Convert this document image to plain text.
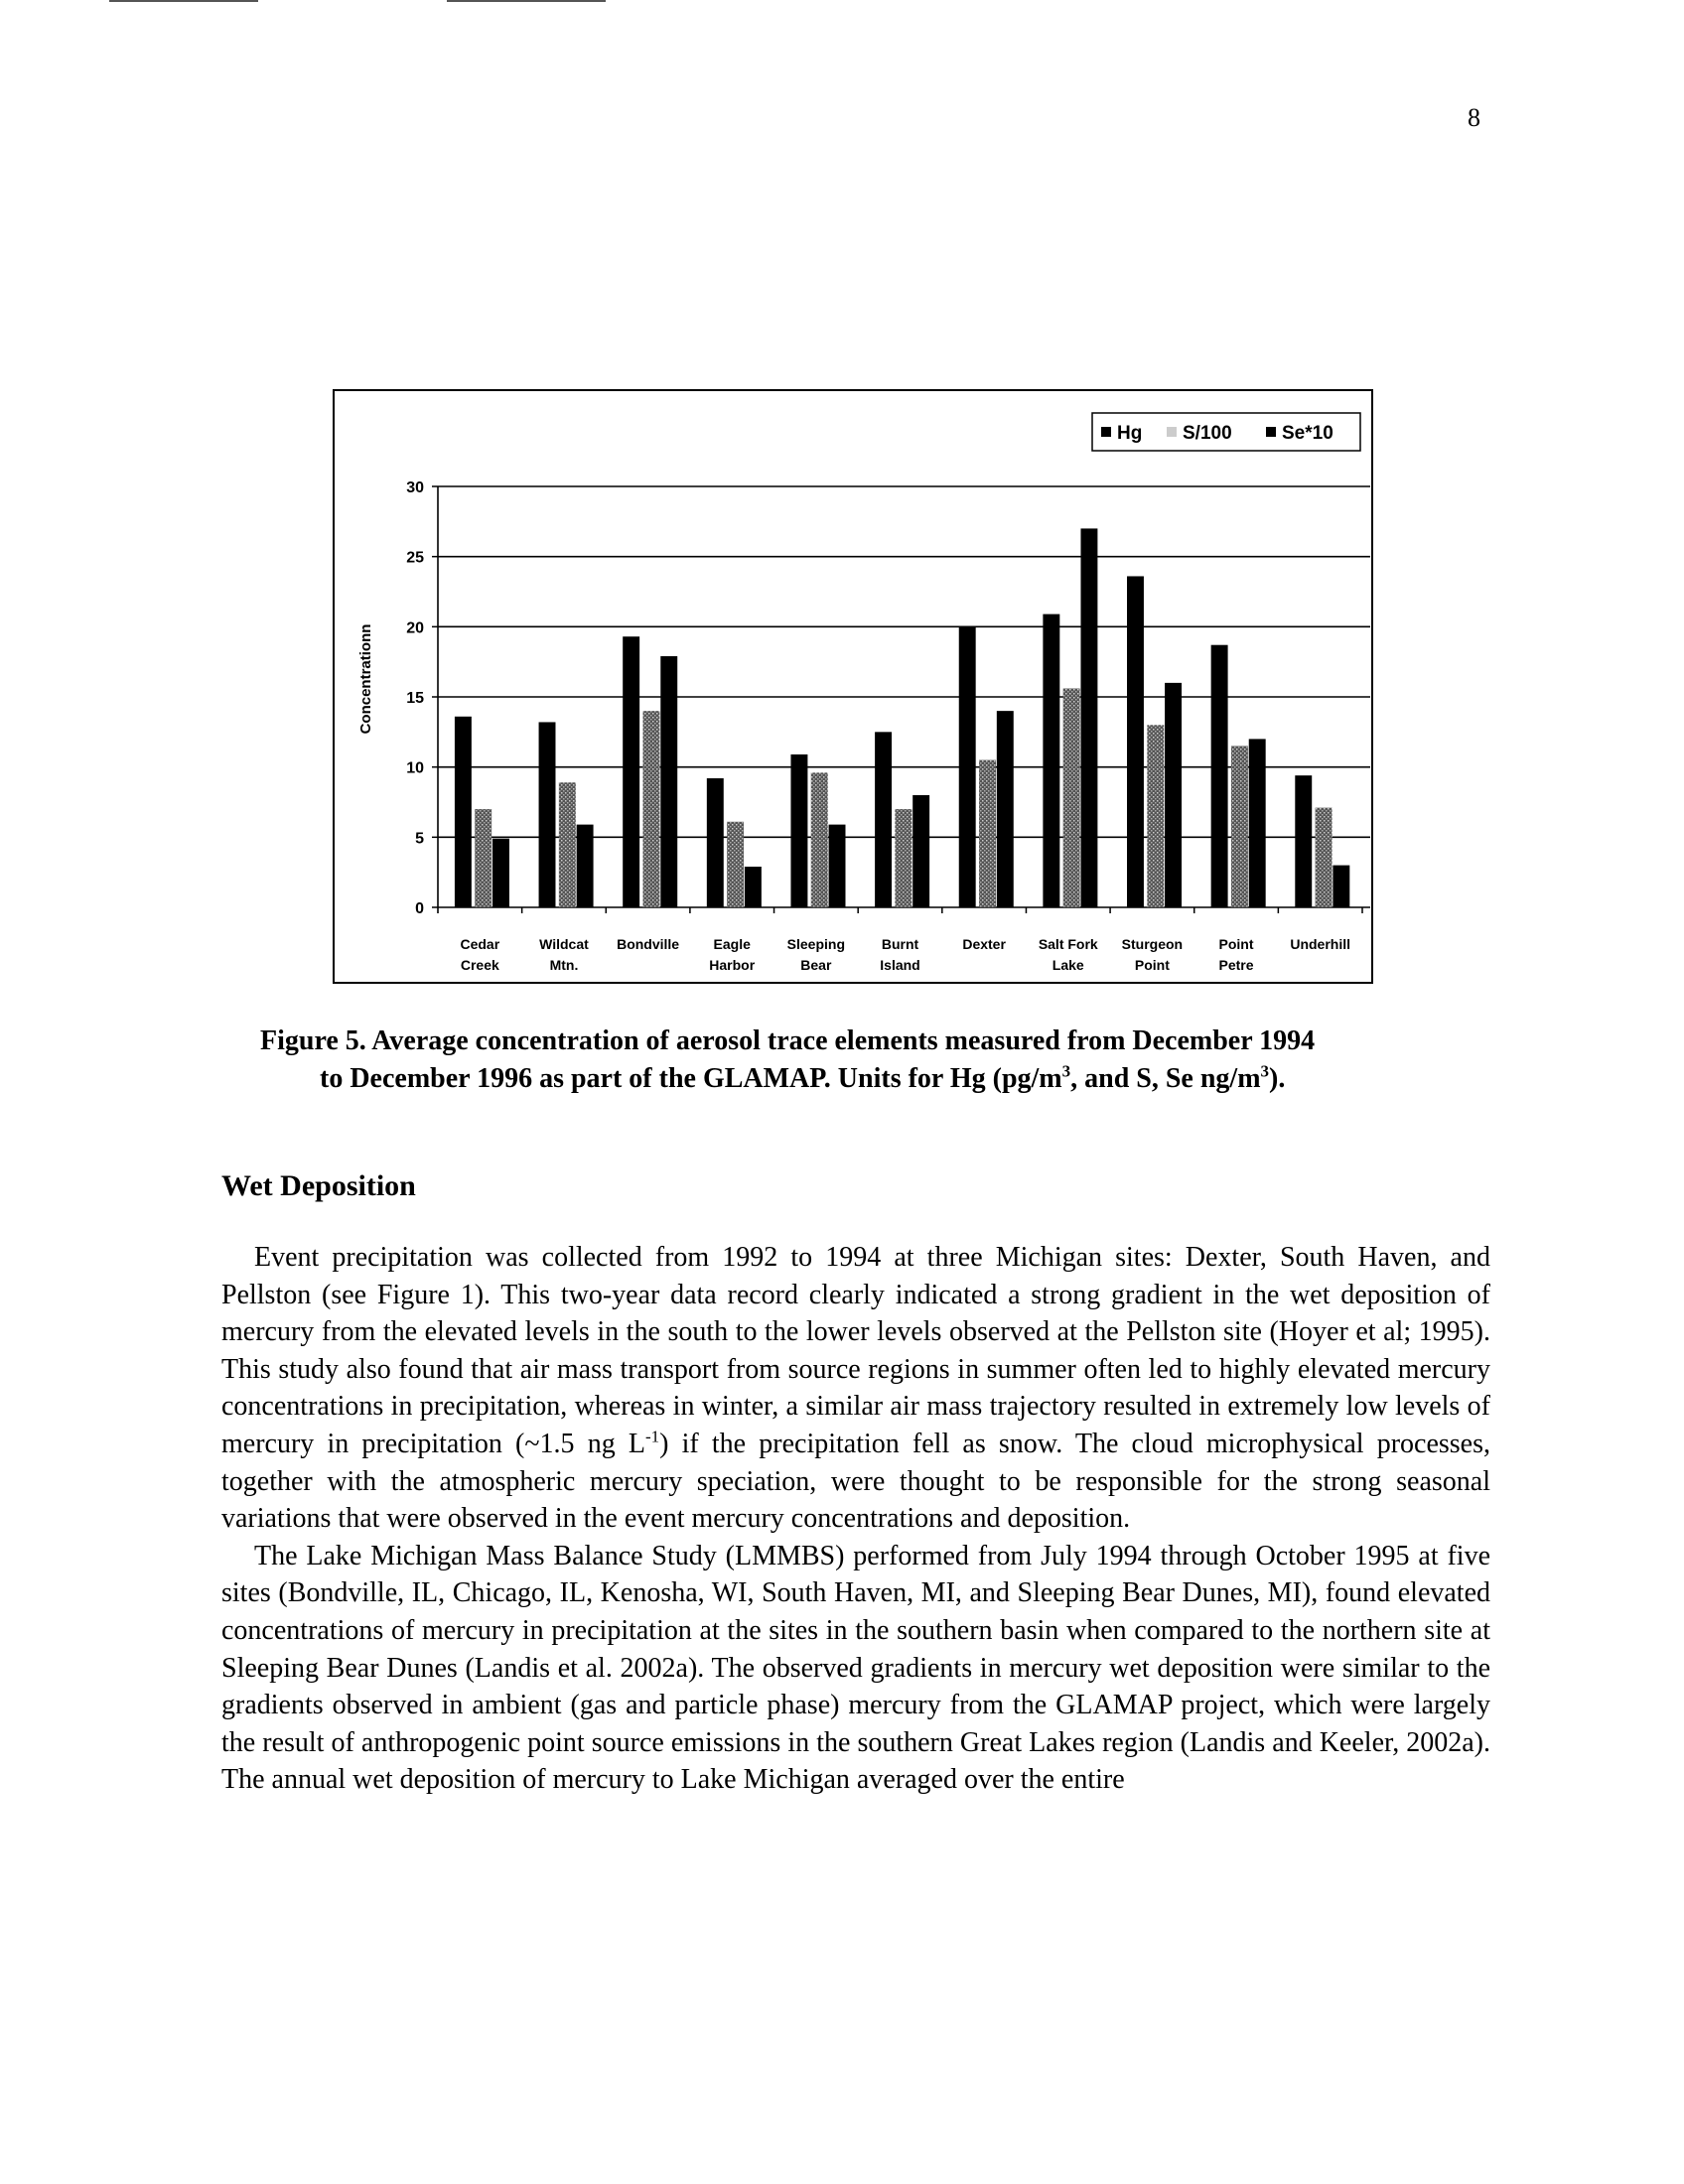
8
0
5
10
15
20
25
30
Concentrationn
Cedar
Creek
Wildcat
Mtn.
Bondville Eagle
Harbor
Sleeping
Bear
Burnt
Island
Dexter Salt Fork
Lake
Sturgeon
Point
Point
Petre
Underhill
Hg S/100	Se*10
Figure 5. Average concentration of aerosol trace elements measured from December 1994
to December 1996 as part of the GLAMAP. Units for Hg ($pg/m^3$, and S, Se $ng/m^3$).
Wet Deposition

Event precipitation was collected from 1992 to 1994 at three Michigan sites: Dexter, South Haven, and Pellston (see Figure 1). This two-year data record clearly indicated a strong gradient in the wet deposition of mercury from the elevated levels in the south to the lower levels observed at the Pellston site (Hoyer et al; 1995). This study also found that air mass transport from source regions in summer often led to highly elevated mercury concentrations in precipitation, whereas in winter, a similar air mass trajectory resulted in extremely low levels of mercury in precipitation (~1.5 ng $L^{-1}$) if the precipitation fell as snow. The cloud microphysical processes, together with the atmospheric mercury speciation, were thought to be responsible for the strong seasonal variations that were observed in the event mercury concentrations and deposition.

The Lake Michigan Mass Balance Study (LMMBS) performed from July 1994 through October 1995 at five sites (Bondville, IL, Chicago, IL, Kenosha, WI, South Haven, MI, and Sleeping Bear Dunes, MI), found elevated concentrations of mercury in precipitation at the sites in the southern basin when compared to the northern site at Sleeping Bear Dunes (Landis et al. 2002a). The observed gradients in mercury wet deposition were similar to the gradients observed in ambient (gas and particle phase) mercury from the GLAMAP project, which were largely the result of anthropogenic point source emissions in the southern Great Lakes region (Landis and Keeler, 2002a). The annual wet deposition of mercury to Lake Michigan averaged over the entire
